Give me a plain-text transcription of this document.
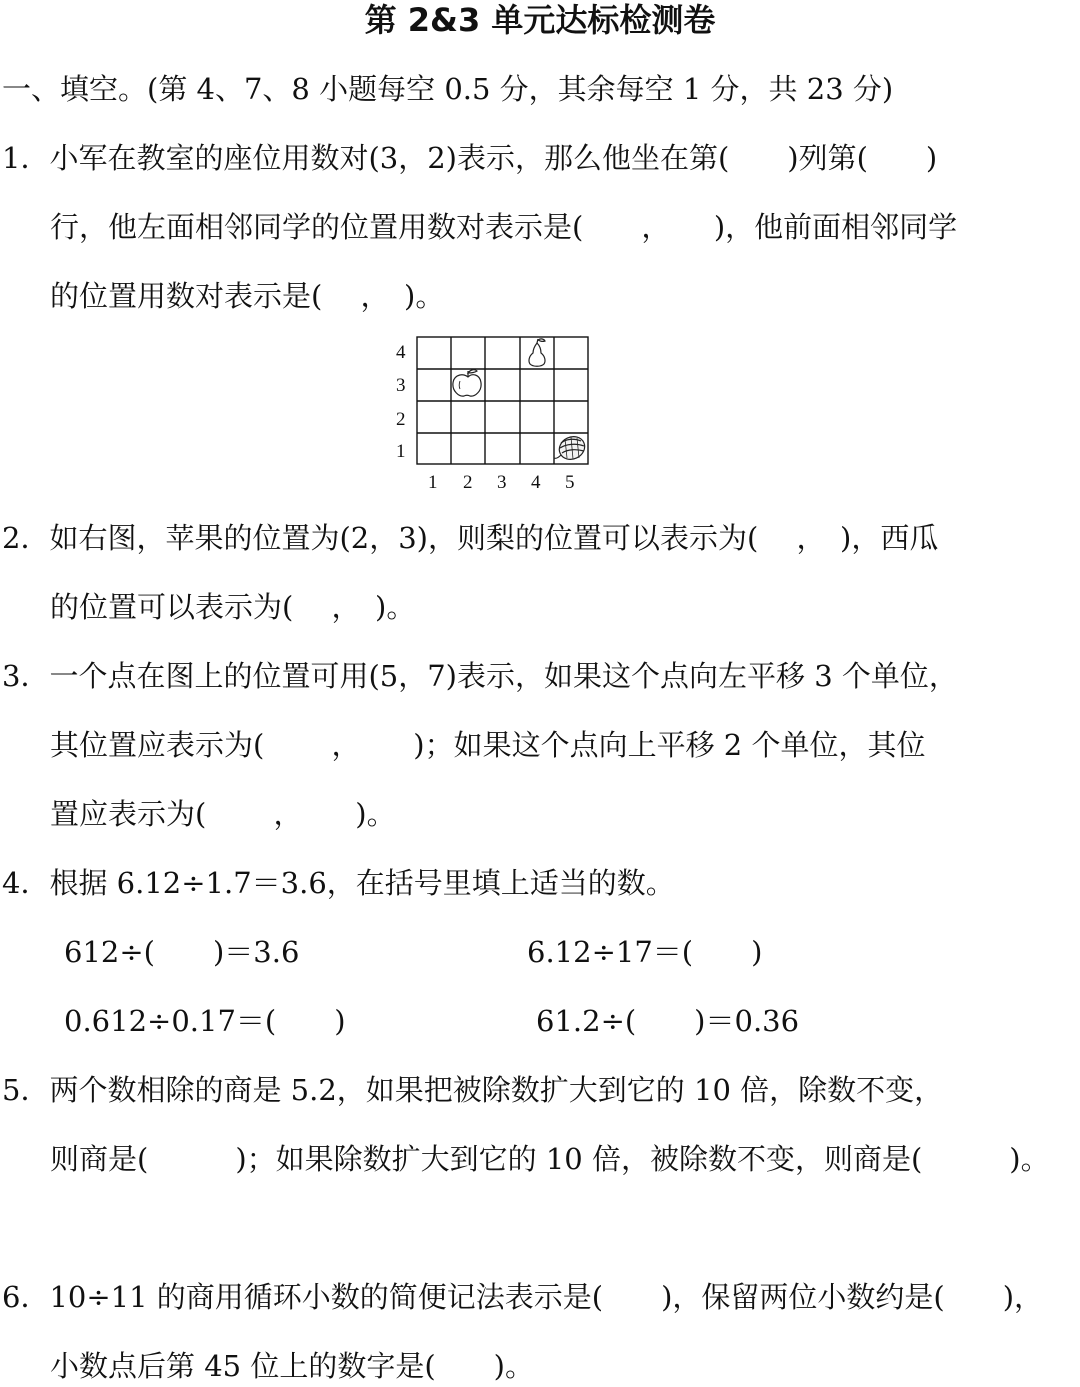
第 2&3 单元达标检测卷
一、填空。(第 4、7、8 小题每空 0.5 分，其余每空 1 分，共 23 分)
1．小军在教室的座位用数对(3，2)表示，那么他坐在第(　　)列第(　　)
行，他左面相邻同学的位置用数对表示是(　　，　　)，他前面相邻同学
的位置用数对表示是(　 ，　)。
4
3
2
1
1 2 3 4 5
2．如右图，苹果的位置为(2，3)，则梨的位置可以表示为(　 ，　)，西瓜
的位置可以表示为(　 ，　)。
3．一个点在图上的位置可用(5，7)表示，如果这个点向左平移 3 个单位，
其位置应表示为(　　 ，　　 )；如果这个点向上平移 2 个单位，其位
置应表示为(　　 ，　　 )。
4．根据 6.12÷1.7＝3.6，在括号里填上适当的数。
612÷(　　)＝3.6	6.12÷17＝(　　)
0.612÷0.17＝(　　)	61.2÷(　　)＝0.36
5．两个数相除的商是 5.2，如果把被除数扩大到它的 10 倍，除数不变，
则商是(　　　)；如果除数扩大到它的 10 倍，被除数不变，则商是(　　　)。
6．10÷11 的商用循环小数的简便记法表示是(　　)，保留两位小数约是(　　)，
小数点后第 45 位上的数字是(　　)。
